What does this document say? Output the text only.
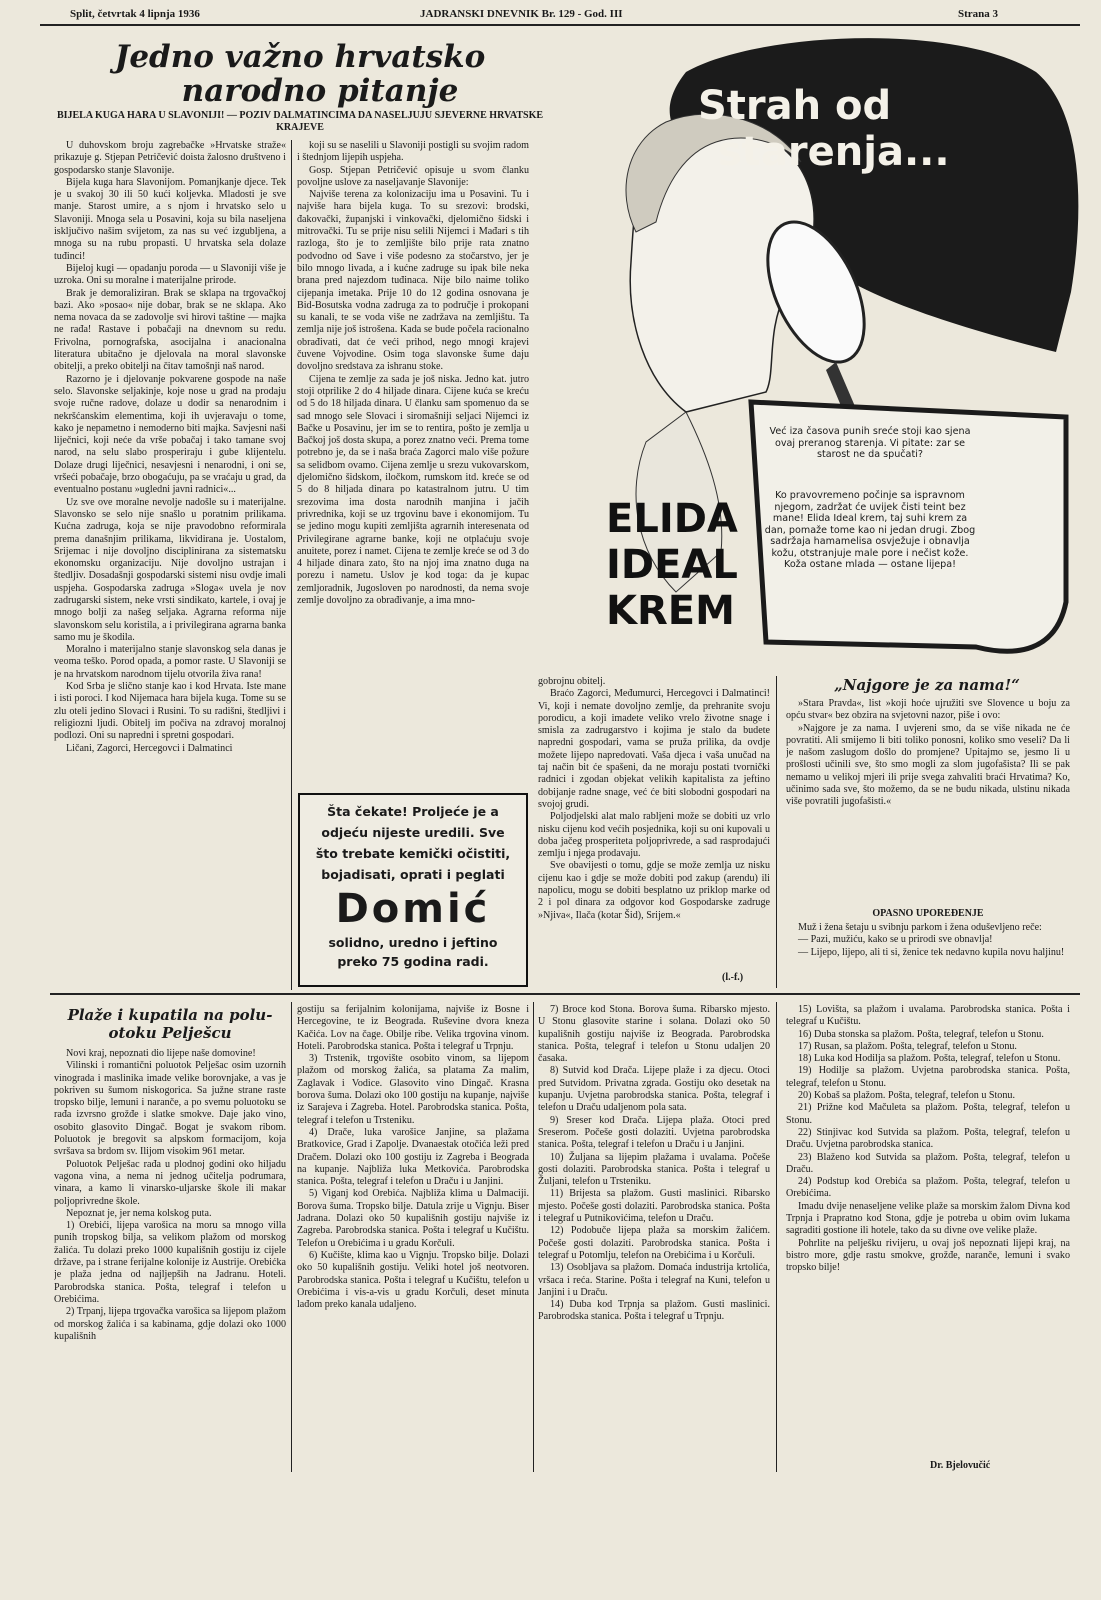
Split, četvrtak 4 lipnja 1936	JADRANSKI DNEVNIK Br. 129 - God. III	Strana 3
Jedno važno hrvatsko
narodno pitanje
BIJELA KUGA HARA U SLAVONIJI! — POZIV DALMATINCIMA DA NASELJUJU SJEVERNE HRVATSKE KRAJEVE

U duhovskom broju zagrebačke »Hrvatske straže« prikazuje g. Stjepan Petričević doista žalosno društveno i gospodarsko stanje Slavonije.

Bijela kuga hara Slavonijom. Pomanjkanje djece. Tek je u svakoj 30 ili 50 kući koljevka. Mladosti je sve manje. Starost umire, a s njom i hrvatsko selo u Slavoniji. Mnoga sela u Posavini, koja su bila naseljena isključivo našim svijetom, za nas su već izgubljena, a mnoga su na rubu propasti. U hrvatska sela dolaze tuđinci!

Bijeloj kugi — opadanju poroda — u Slavoniji više je uzroka. Oni su moralne i materijalne prirode.

Brak je demoraliziran. Brak se sklapa na trgovačkoj bazi. Ako »posao« nije dobar, brak se ne sklapa. Ako nema novaca da se zadovolje svi hirovi taštine — majka ne rađa! Rastave i pobačaji na dnevnom su redu. Frivolna, pornografska, asocijalna i anacionalna literatura ubitačno je djelovala na moral slavonske obitelji, a preko obitelji na čitav tamošnji naš narod.

Razorno je i djelovanje pokvarene gospode na naše selo. Slavonske seljakinje, koje nose u grad na prodaju svoje ručne radove, dolaze u dodir sa nenarodnim i nekršćanskim elementima, koji ih uvjeravaju o tome, kako je nepametno i nemoderno biti majka. Savjesni naši liječnici, koji neće da vrše pobačaj i tako tamane svoj narod, na selu slabo prosperiraju i gube klijentelu. Dolaze drugi liječnici, nesavjesni i nenarodni, i oni se, vršeći pobačaje, brzo obogaćuju, pa se vraćaju u grad, da eventualno postanu »ugledni javni radnici«...

Uz sve ove moralne nevolje nadošle su i materijalne. Slavonsko se selo nije snašlo u poratnim prilikama. Kućna zadruga, koja se nije pravodobno reformirala prema današnjim prilikama, likvidirana je. Uostalom, Srijemac i nije dovoljno disciplinirana za sistematsku ekonomsku organizaciju. Nije dovoljno ustrajan i štedljiv. Dosadašnji gospodarski sistemi nisu ovdje imali uspjeha. Gospodarska zadruga »Sloga« uvela je nov zadrugarski sistem, neke vrsti sindikato, kartele, i ovaj je mnogo bolji za našeg seljaka. Agrarna reforma nije slavonskom selu koristila, a i privilegirana agrarna banka samo mu je škodila.

Moralno i materijalno stanje slavonskog sela danas je veoma teško. Porod opada, a pomor raste. U Slavoniji se je na hrvatskom narodnom tijelu otvorila živa rana!

Kod Srba je slično stanje kao i kod Hrvata. Iste mane i isti poroci. I kod Nijemaca hara bijela kuga. Tome su se zlu oteli jedino Slovaci i Rusini. To su radišni, štedljivi i religiozni ljudi. Obitelj im počiva na zdravoj moralnoj podlozi. Oni su napredni i spretni gospodari.

Ličani, Zagorci, Hercegovci i Dalmatinci

koji su se naselili u Slavoniji postigli su svojim radom i štednjom lijepih uspjeha.

Gosp. Stjepan Petričević opisuje u svom članku povoljne uslove za naseljavanje Slavonije:

Najviše terena za kolonizaciju ima u Posavini. Tu i najviše hara bijela kuga. To su srezovi: brodski, đakovački, županjski i vinkovački, djelomično šidski i mitrovački. Tu se prije nisu selili Nijemci i Mađari s tih razloga, što je to zemljište bilo prije rata znatno podvodno od Save i više podesno za stočarstvo, jer je bilo mnogo livada, a i kućne zadruge su ipak bile neka brana pred najezdom tuđinaca. Nije bilo naime toliko cijepanja imetaka. Prije 10 do 12 godina osnovana je Bid-Bosutska vodna zadruga za to područje i prokopani su kanali, te se voda više ne zadržava na zemljištu. Ta zemlja nije još istrošena. Kada se bude počela racionalno obrađivati, dat će veći prihod, nego mnogi krajevi čuvene Vojvodine. Osim toga slavonske šume daju dovoljno sredstava za ishranu stoke.

Cijena te zemlje za sada je još niska. Jedno kat. jutro stoji otprilike 2 do 4 hiljade dinara. Cijene kuća se kreću od 5 do 18 hiljada dinara. U članku sam spomenuo da se sad mnogo sele Slovaci i siromašniji seljaci Nijemci iz Bačke u Posavinu, jer im se to rentira, pošto je zemlja u Bačkoj još dosta skupa, a porez znatno veći. Prema tome potrebno je, da se i naša braća Zagorci malo više požure sa selidbom ovamo. Cijena zemlje u srezu vukovarskom, djelomično šidskom, iločkom, rumskom itd. kreće se od 5 do 8 hiljada dinara po katastralnom jutru. U tim srezovima ima dosta narodnih manjina i jačih privrednika, koji se uz trgovinu bave i ekonomijom. Tu se jedino mogu kupiti zemljišta agrarnih interesenata od Privilegirane agrarne banke, koji ne otplaćuju svoje anuitete, porez i namet. Cijena te zemlje kreće se od 3 do 4 hiljade dinara zato, što na njoj ima znatno duga na porezu i nametu. Uslov je kod toga: da je kupac zemljoradnik, Jugosloven po narodnosti, da nema svoje zemlje dovoljno za obrađivanje, a ima mno-

Šta čekate! Proljeće je a
odjeću nijeste uredili. Sve
što trebate kemički očistiti,
bojadisati, oprati i peglati
Domić
solidno, uredno i jeftino
preko 75 godina radi.

gobrojnu obitelj.

Braćo Zagorci, Međumurci, Hercegovci i Dalmatinci! Vi, koji i nemate dovoljno zemlje, da prehranite svoju porodicu, a koji imadete veliko vrelo životne snage i smisla za zadrugarstvo i kojima je stalo da budete napredni gospodari, vama se pruža prilika, da ovdje možete lijepo napredovati. Vaša djeca i vaša unučad na taj način bit će spašeni, da ne moraju postati tvornički radnici i zgodan objekat velikih kapitalista za jeftino dobijanje radne snage, već će biti slobodni gospodari na svojoj grudi.

Poljodjelski alat malo rabljeni može se dobiti uz vrlo nisku cijenu kod većih posjednika, koji su oni kupovali u doba jačeg prosperiteta poljoprivrede, a sad rasprodajući zemlju i njega prodavaju.

Sve obavijesti o tomu, gdje se može zemlja uz nisku cijenu kao i gdje se može dobiti pod zakup (arendu) ili napolicu, mogu se dobiti besplatno uz priklop marke od 2 i pol dinara za odgovor kod Gospodarske zadruge »Njiva«, Ilača (kotar Šid), Srijem.«

(l.-f.)
Strah od
starenja...
ELIDA
IDEAL
KREM
Već iza časova punih sreće stoji kao sjena ovaj preranog starenja. Vi pitate: zar se starost ne da spučati?
Ko pravovremeno počinje sa ispravnom njegom, zadržat će uvijek čisti teint bez mane! Elida Ideal krem, taj suhi krem za dan, pomaže tome kao ni jedan drugi. Zbog sadržaja hamamelisa osvježuje i obnavlja kožu, otstranjuje male pore i nečist kože. Koža ostane mlada — ostane lijepa!
„Najgore je za nama!“

»Stara Pravda«, list »koji hoće ujružiti sve Slovence u boju za opću stvar« bez obzira na svjetovni nazor, piše i ovo:

»Najgore je za nama. I uvjereni smo, da se više nikada ne će povratiti. Ali smijemo li biti toliko ponosni, koliko smo veseli? Da li je našom zaslugom došlo do promjene? Upitajmo se, jesmo li u prošlosti učinili sve, što smo mogli za slom jugofašista? Ili se pak nemamo u velikoj mjeri ili prije svega zahvaliti braći Hrvatima? Ko, učinimo sada sve, što možemo, da se ne budu nikada, ulstinu nikada više povratili jugofašisti.«

OPASNO UPOREĐENJE

Muž i žena šetaju u svibnju parkom i žena oduševljeno reče:

— Pazi, mužiću, kako se u prirodi sve obnavlja!

— Lijepo, lijepo, ali ti si, ženice tek nedavno kupila novu haljinu!

Plaže i kupatila na polu-
otoku Pelješcu

Novi kraj, nepoznati dio lijepe naše domovine!

Vilinski i romantični poluotok Pelješac osim uzornih vinograda i maslinika imade velike borovnjake, a vas je pokriven su šumom niskogorica. Sa južne strane raste tropsko bilje, lemuni i naranče, a po svemu poluotoku se rađa izvrsno grožđe i slatke smokve. Daje jako vino, osobito glasovito Dingač. Bogat je svakom ribom. Poluotok je bregovit sa alpskom formacijom, koja svršava sa brdom sv. Ilijom visokim 961 metar.

Poluotok Pelješac rađa u plodnoj godini oko hiljadu vagona vina, a nema ni jednog učitelja podrumara, vinara, a kamo li vinarsko-uljarske škole ili makar poljoprivredne škole.

Nepoznat je, jer nema kolskog puta.

1) Orebići, lijepa varošica na moru sa mnogo villa punih tropskog bilja, sa velikom plažom od morskog žalića. Tu dolazi preko 1000 kupališnih gostiju iz cijele države, pa i strane ferijalne kolonije iz Austrije. Orebićka je plaža jedna od najljepših na Jadranu. Hoteli. Parobrodska stanica. Pošta, telegraf i telefon u Orebićima.

2) Trpanj, lijepa trgovačka varošica sa lijepom plažom od morskog žalića i sa kabinama, gdje dolazi oko 1000 kupališnih

gostiju sa ferijalnim kolonijama, najviše iz Bosne i Hercegovine, te iz Beograda. Ruševine dvora kneza Kačića. Lov na čage. Obilje ribe. Velika trgovina vinom. Hoteli. Parobrodska stanica. Pošta i telegraf u Trpnju.

3) Trstenik, trgovište osobito vinom, sa lijepom plažom od morskog žalića, sa platama Za malim, Zaglavak i Vodice. Glasovito vino Dingač. Krasna borova šuma. Dolazi oko 100 gostiju na kupanje, najviše iz Sarajeva i Zagreba. Hotel. Parobrodska stanica. Pošta, telegraf i telefon u Trsteniku.

4) Drače, luka varošice Janjine, sa plažama Bratkovice, Grad i Zapolje. Dvanaestak otočića leži pred Dračem. Dolazi oko 100 gostiju iz Zagreba i Beograda na kupanje. Najbliža luka Metkovića. Parobrodska stanica. Pošta, telegraf i telefon u Draču i u Janjini.

5) Viganj kod Orebića. Najbliža klima u Dalmaciji. Borova šuma. Tropsko bilje. Datula zrije u Vignju. Biser Jadrana. Dolazi oko 50 kupališnih gostiju najviše iz Zagreba. Parobrodska stanica. Pošta i telegraf u Kučištu. Telefon u Orebićima i u gradu Korčuli.

6) Kučište, klima kao u Vignju. Tropsko bilje. Dolazi oko 50 kupališnih gostiju. Veliki hotel još neotvoren. Parobrodska stanica. Pošta i telegraf u Kučištu, telefon u Orebićima i vis-a-vis u gradu Korčuli, deset minuta lađom preko kanala udaljeno.

7) Broce kod Stona. Borova šuma. Ribarsko mjesto. U Stonu glasovite starine i solana. Dolazi oko 50 kupališnih gostiju najviše iz Beograda. Parobrodska stanica. Pošta, telegraf i telefon u Stonu udaljen 20 časaka.

8) Sutvid kod Drača. Lijepe plaže i za djecu. Otoci pred Sutvidom. Privatna zgrada. Gostiju oko desetak na kupanju. Uvjetna parobrodska stanica. Pošta, telegraf i telefon u Draču udaljenom pola sata.

9) Sreser kod Drača. Lijepa plaža. Otoci pred Sreserom. Počeše gosti dolaziti. Uvjetna parobrodska stanica. Pošta, telegraf i telefon u Draču i u Janjini.

10) Žuljana sa lijepim plažama i uvalama. Počeše gosti dolaziti. Parobrodska stanica. Pošta i telegraf u Žuljani, telefon u Trsteniku.

11) Brijesta sa plažom. Gusti maslinici. Ribarsko mjesto. Počeše gosti dolaziti. Parobrodska stanica. Pošta i telegraf u Putnikovićima, telefon u Draču.

12) Podobuče lijepa plaža sa morskim žalićem. Počeše gosti dolaziti. Parobrodska stanica. Pošta i telegraf u Potomlju, telefon na Orebićima i u Korčuli.

13) Osobljava sa plažom. Domaća industrija krtolića, vršaca i reća. Starine. Pošta i telegraf na Kuni, telefon u Janjini i u Draču.

14) Duba kod Trpnja sa plažom. Gusti maslinici. Parobrodska stanica. Pošta i telegraf u Trpnju.

15) Lovišta, sa plažom i uvalama. Parobrodska stanica. Pošta i telegraf u Kučištu.

16) Duba stonska sa plažom. Pošta, telegraf, telefon u Stonu.

17) Rusan, sa plažom. Pošta, telegraf, telefon u Stonu.

18) Luka kod Hodilja sa plažom. Pošta, telegraf, telefon u Stonu.

19) Hodilje sa plažom. Uvjetna parobrodska stanica. Pošta, telegraf, telefon u Stonu.

20) Kobaš sa plažom. Pošta, telegraf, telefon u Stonu.

21) Prižne kod Mačuleta sa plažom. Pošta, telegraf, telefon u Stonu.

22) Stinjivac kod Sutvida sa plažom. Pošta, telegraf, telefon u Draču. Uvjetna parobrodska stanica.

23) Blaženo kod Sutvida sa plažom. Pošta, telegraf, telefon u Draču.

24) Podstup kod Orebića sa plažom. Pošta, telegraf, telefon u Orebićima.

Imadu dvije nenaseljene velike plaže sa morskim žalom Divna kod Trpnja i Prapratno kod Stona, gdje je potreba u obim ovim lukama sagraditi gostione ili hotele, tako da su divne ove velike plaže.

Pohrlite na pelješku rivijeru, u ovaj još nepoznati lijepi kraj, na bistro more, gdje rastu smokve, grožđe, naranče, lemuni i svako tropsko bilje!

Dr. Bjelovučić
